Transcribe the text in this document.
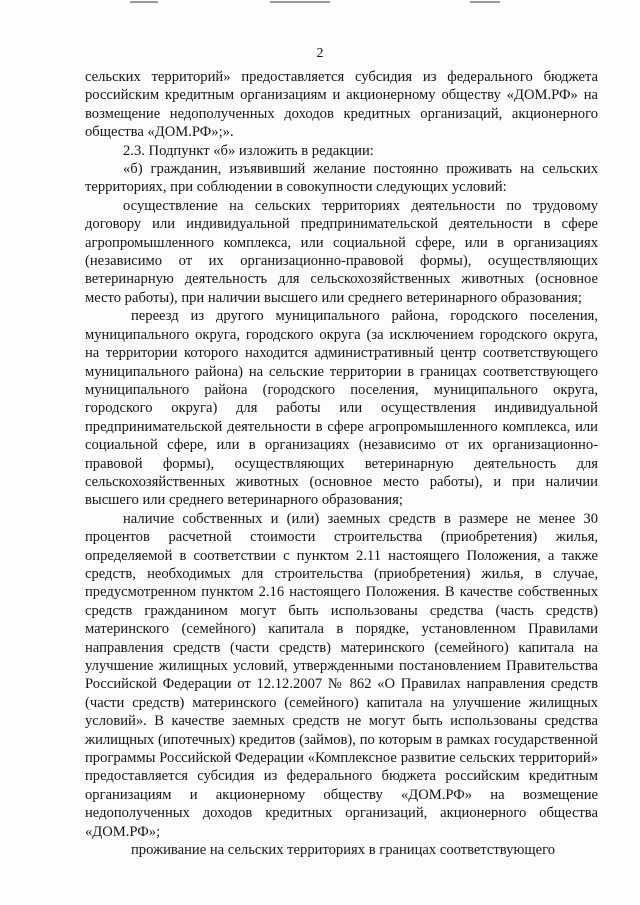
2

сельских территорий» предоставляется субсидия из федерального бюджета российским кредитным организациям и акционерному обществу «ДОМ.РФ» на возмещение недополученных доходов кредитных организаций, акционерного общества «ДОМ.РФ»;».

2.3. Подпункт «б» изложить в редакции:

«б) гражданин, изъявивший желание постоянно проживать на сельских территориях, при соблюдении в совокупности следующих условий:

осуществление на сельских территориях деятельности по трудовому договору или индивидуальной предпринимательской деятельности в сфере агропромышленного комплекса, или социальной сфере, или в организациях (независимо от их организационно-правовой формы), осуществляющих ветеринарную деятельность для сельскохозяйственных животных (основное место работы), при наличии высшего или среднего ветеринарного образования;

переезд из другого муниципального района, городского поселения, муниципального округа, городского округа (за исключением городского округа, на территории которого находится административный центр соответствующего муниципального района) на сельские территории в границах соответствующего муниципального района (городского поселения, муниципального округа, городского округа) для работы или осуществления индивидуальной предпринимательской деятельности в сфере агропромышленного комплекса, или социальной сфере, или в организациях (независимо от их организационно-правовой формы), осуществляющих ветеринарную деятельность для сельскохозяйственных животных (основное место работы), и при наличии высшего или среднего ветеринарного образования;

наличие собственных и (или) заемных средств в размере не менее 30 процентов расчетной стоимости строительства (приобретения) жилья, определяемой в соответствии с пунктом 2.11 настоящего Положения, а также средств, необходимых для строительства (приобретения) жилья, в случае, предусмотренном пунктом 2.16 настоящего Положения. В качестве собственных средств гражданином могут быть использованы средства (часть средств) материнского (семейного) капитала в порядке, установленном Правилами направления средств (части средств) материнского (семейного) капитала на улучшение жилищных условий, утвержденными постановлением Правительства Российской Федерации от 12.12.2007 № 862 «О Правилах направления средств (части средств) материнского (семейного) капитала на улучшение жилищных условий». В качестве заемных средств не могут быть использованы средства жилищных (ипотечных) кредитов (займов), по которым в рамках государственной программы Российской Федерации «Комплексное развитие сельских территорий» предоставляется субсидия из федерального бюджета российским кредитным организациям и акционерному обществу «ДОМ.РФ» на возмещение недополученных доходов кредитных организаций, акционерного общества «ДОМ.РФ»;

проживание на сельских территориях в границах соответствующего
